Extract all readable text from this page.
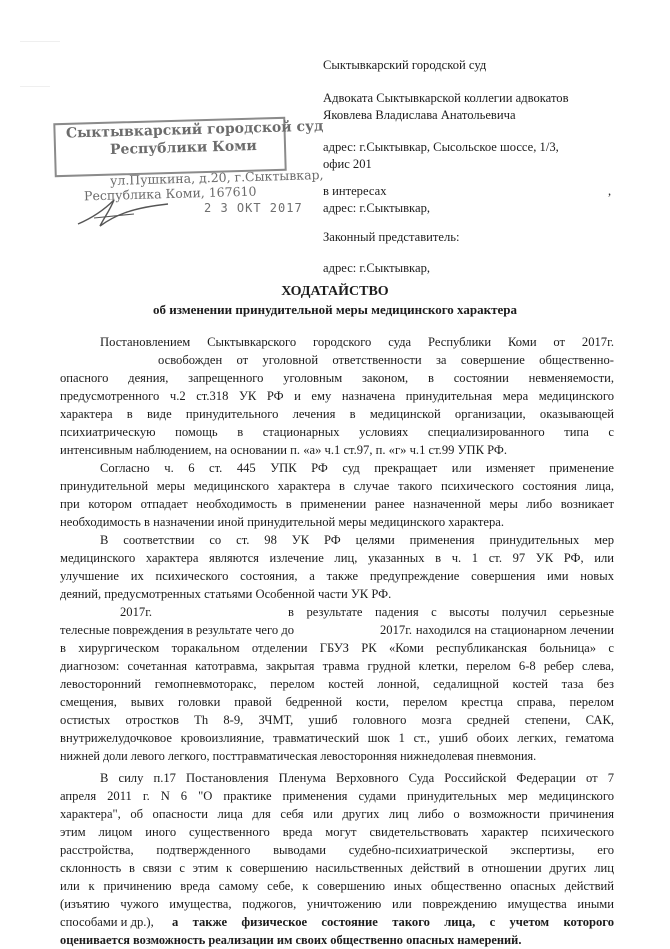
Сыктывкарский городской суд
Адвоката Сыктывкарской коллегии адвокатов
Яковлева Владислава Анатольевича
адрес: г.Сыктывкар, Сысольское шоссе, 1/3,
офис 201
в интересах	,
адрес: г.Сыктывкар,
Законный представитель:
адрес: г.Сыктывкар,
Сыктывкарский городской суд
Республики Коми
ул.Пушкина, д.20, г.Сыктывкар,
Республика Коми, 167610
2 3 ОКТ 2017
ХОДАТАЙСТВО
об изменении принудительной меры медицинского характера
Постановлением Сыктывкарского городского суда Республики Коми от 2017г.
освобожден от уголовной ответственности за совершение общественно-
опасного деяния, запрещенного уголовным законом, в состоянии невменяемости,
предусмотренного ч.2 ст.318 УК РФ и ему назначена принудительная мера медицинского
характера в виде принудительного лечения в медицинской организации, оказывающей
психиатрическую помощь в стационарных условиях специализированного типа с
интенсивным наблюдением, на основании п. «а» ч.1 ст.97, п. «г» ч.1 ст.99 УПК РФ.
Согласно ч. 6 ст. 445 УПК РФ суд прекращает или изменяет применение
принудительной меры медицинского характера в случае такого психического состояния лица,
при котором отпадает необходимость в применении ранее назначенной меры либо возникает
необходимость в назначении иной принудительной меры медицинского характера.
В соответствии со ст. 98 УК РФ целями применения принудительных мер
медицинского характера являются излечение лиц, указанных в ч. 1 ст. 97 УК РФ, или
улучшение их психического состояния, а также предупреждение совершения ими новых
деяний, предусмотренных статьями Особенной части УК РФ.
2017г.	в результате падения с высоты получил серьезные
телесные повреждения в результате чего до	2017г. находился на стационарном лечении
в хирургическом торакальном отделении ГБУЗ РК «Коми республиканская больница» с
диагнозом: сочетанная катотравма, закрытая травма грудной клетки, перелом 6-8 ребер слева,
левосторонний гемопневмоторакс, перелом костей лонной, седалищной костей таза без
смещения, вывих головки правой бедренной кости, перелом крестца справа, перелом
остистых отростков Th 8-9, ЗЧМТ, ушиб головного мозга средней степени, САК,
внутрижелудочковое кровоизлияние, травматический шок 1 ст., ушиб обоих легких, гематома
нижней доли левого легкого, посттравматическая левосторонняя нижнедолевая пневмония.
В силу п.17 Постановления Пленума Верховного Суда Российской Федерации от 7
апреля 2011 г. N 6 "О практике применения судами принудительных мер медицинского
характера", об опасности лица для себя или других лиц либо о возможности причинения
этим лицом иного существенного вреда могут свидетельствовать характер психического
расстройства, подтвержденного выводами судебно-психиатрической экспертизы, его
склонность в связи с этим к совершению насильственных действий в отношении других лиц
или к причинению вреда самому себе, к совершению иных общественно опасных действий
(изъятию чужого имущества, поджогов, уничтожению или повреждению имущества иными
способами и др.), а также физическое состояние такого лица, с учетом которого
оценивается возможность реализации им своих общественно опасных намерений.
